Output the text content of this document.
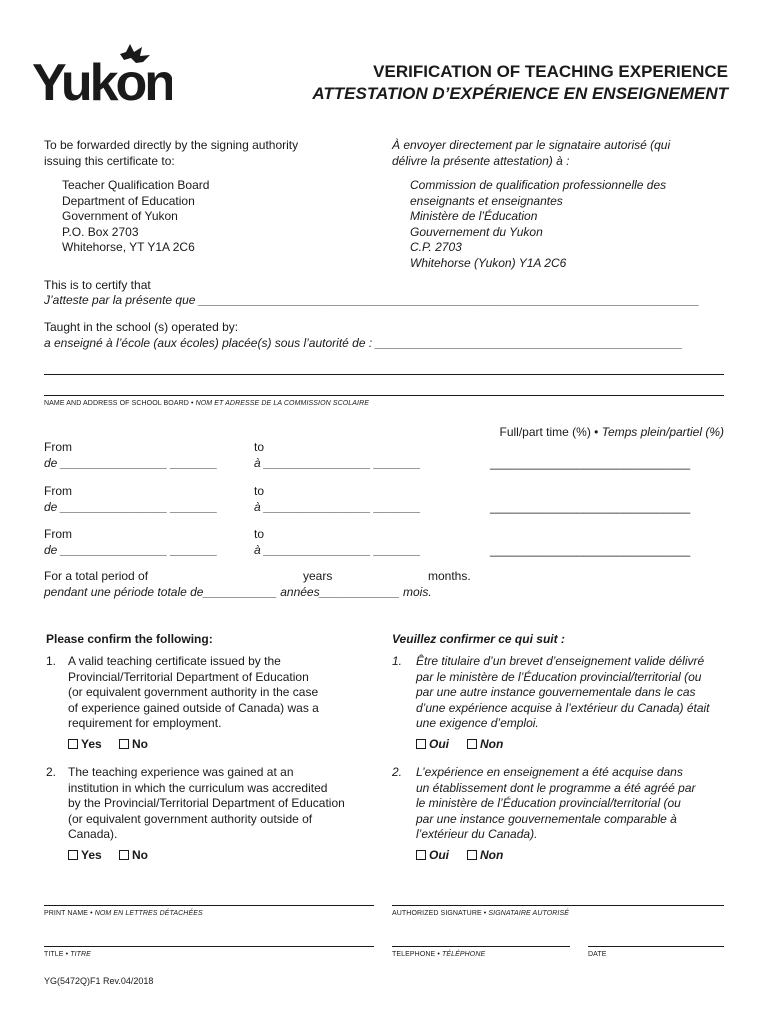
Yukon	VERIFICATION OF TEACHING EXPERIENCE
ATTESTATION D’EXPÉRIENCE EN ENSEIGNEMENT
To be forwarded directly by the signing authority
issuing this certificate to:
À envoyer directement par le signataire autorisé (qui
délivre la présente attestation) à :
Teacher Qualification Board
Department of Education
Government of Yukon
P.O. Box 2703
Whitehorse, YT Y1A 2C6
Commission de qualification professionnelle des
enseignants et enseignantes
Ministère de l’Éducation
Gouvernement du Yukon
C.P. 2703
Whitehorse (Yukon) Y1A 2C6
This is to certify that
J’atteste par la présente que ___________________________________________________________________________
Taught in the school (s) operated by:
a enseigné à l’école (aux écoles) placée(s) sous l’autorité de : ______________________________________________
NAME AND ADDRESS OF SCHOOL BOARD • NOM ET ADRESSE DE LA COMMISSION SCOLAIRE
Full/part time (%) • Temps plein/partiel (%)
From
de ________________ _______
to
à ________________ _______	______________________________
From
de ________________ _______
to
à ________________ _______	______________________________
From
de ________________ _______
to
à ________________ _______	______________________________
For a total period of	years	months.
pendant une période totale de___________ années____________ mois.
Please confirm the following:	Veuillez confirmer ce qui suit :
1. A valid teaching certificate issued by the
Provincial/Territorial Department of Education
(or equivalent government authority in the case
of experience gained outside of Canada) was a
requirement for employment.
1. Être titulaire d’un brevet d’enseignement valide délivré
par le ministère de l’Éducation provincial/territorial (ou
par une autre instance gouvernementale dans le cas
d’une expérience acquise à l’extérieur du Canada) était
une exigence d’emploi.
Yes	No	Oui	Non
2. The teaching experience was gained at an
institution in which the curriculum was accredited
by the Provincial/Territorial Department of Education
(or equivalent government authority outside of
Canada).
2. L’expérience en enseignement a été acquise dans
un établissement dont le programme a été agréé par
le ministère de l’Éducation provincial/territorial (ou
par une instance gouvernementale comparable à
l’extérieur du Canada).
Yes	No	Oui	Non
PRINT NAME • NOM EN LETTRES DÉTACHÉES	AUTHORIZED SIGNATURE • SIGNATAIRE AUTORISÉ
TITLE • TITRE	TELEPHONE • TÉLÉPHONE	DATE
YG(5472Q)F1 Rev.04/2018
